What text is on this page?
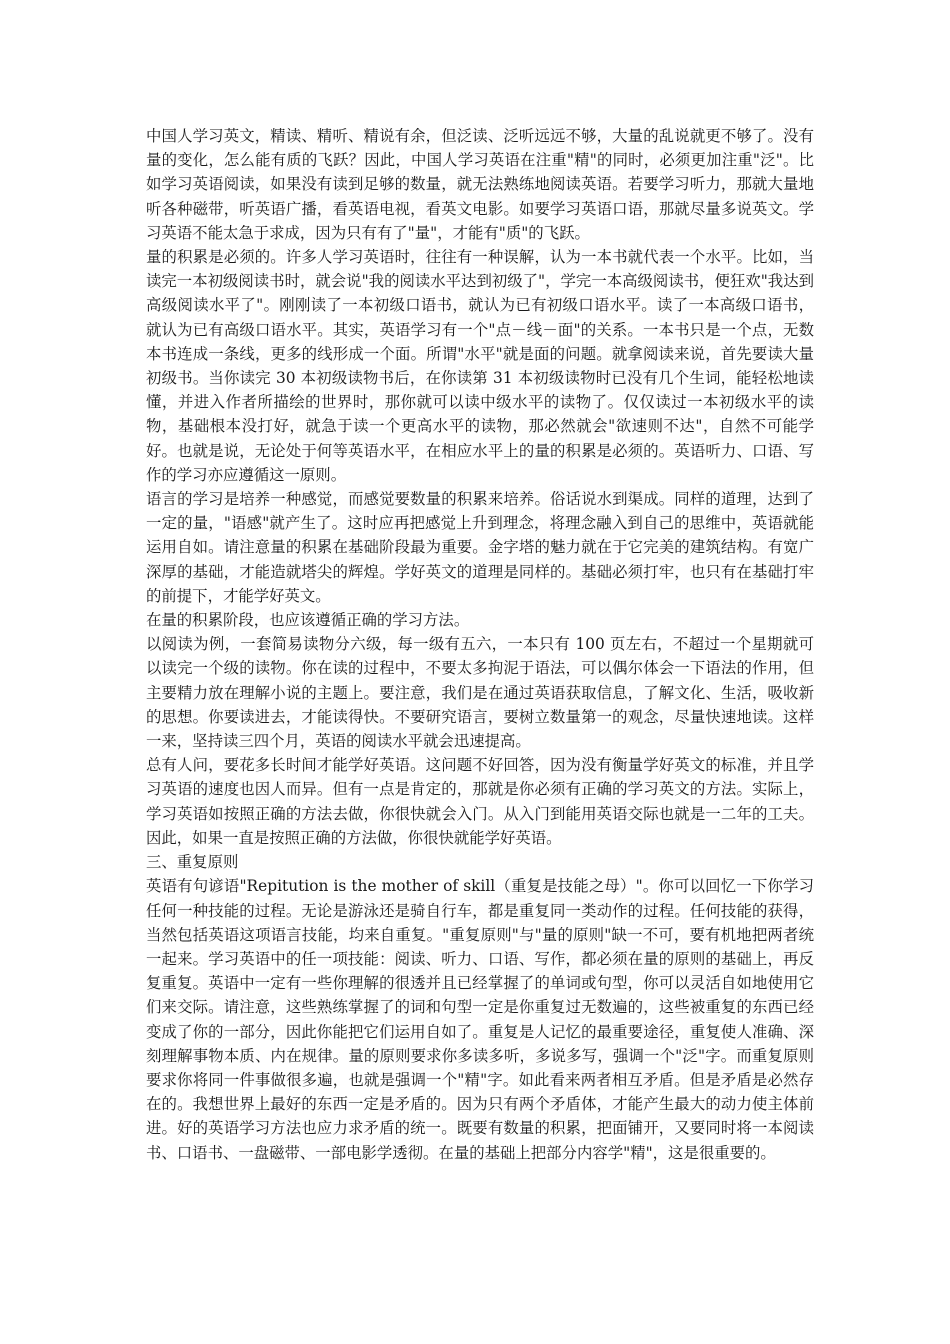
中国人学习英文，精读、精听、精说有余，但泛读、泛听远远不够，大量的乱说就更不够了。没有量的变化，怎么能有质的飞跃？因此，中国人学习英语在注重"精"的同时，必须更加注重"泛"。比如学习英语阅读，如果没有读到足够的数量，就无法熟练地阅读英语。若要学习听力，那就大量地听各种磁带，听英语广播，看英语电视，看英文电影。如要学习英语口语，那就尽量多说英文。学习英语不能太急于求成，因为只有有了"量"，才能有"质"的飞跃。

量的积累是必须的。许多人学习英语时，往往有一种误解，认为一本书就代表一个水平。比如，当读完一本初级阅读书时，就会说"我的阅读水平达到初级了"，学完一本高级阅读书，便狂欢"我达到高级阅读水平了"。刚刚读了一本初级口语书，就认为已有初级口语水平。读了一本高级口语书，就认为已有高级口语水平。其实，英语学习有一个"点－线－面"的关系。一本书只是一个点，无数本书连成一条线，更多的线形成一个面。所谓"水平"就是面的问题。就拿阅读来说，首先要读大量初级书。当你读完 30 本初级读物书后，在你读第 31 本初级读物时已没有几个生词，能轻松地读懂，并进入作者所描绘的世界时，那你就可以读中级水平的读物了。仅仅读过一本初级水平的读物，基础根本没打好，就急于读一个更高水平的读物，那必然就会"欲速则不达"，自然不可能学好。也就是说，无论处于何等英语水平，在相应水平上的量的积累是必须的。英语听力、口语、写作的学习亦应遵循这一原则。

语言的学习是培养一种感觉，而感觉要数量的积累来培养。俗话说水到渠成。同样的道理，达到了一定的量，"语感"就产生了。这时应再把感觉上升到理念，将理念融入到自己的思维中，英语就能运用自如。请注意量的积累在基础阶段最为重要。金字塔的魅力就在于它完美的建筑结构。有宽广深厚的基础，才能造就塔尖的辉煌。学好英文的道理是同样的。基础必须打牢，也只有在基础打牢的前提下，才能学好英文。

在量的积累阶段，也应该遵循正确的学习方法。

以阅读为例，一套简易读物分六级，每一级有五六，一本只有 100 页左右，不超过一个星期就可以读完一个级的读物。你在读的过程中，不要太多拘泥于语法，可以偶尔体会一下语法的作用，但主要精力放在理解小说的主题上。要注意，我们是在通过英语获取信息，了解文化、生活，吸收新的思想。你要读进去，才能读得快。不要研究语言，要树立数量第一的观念，尽量快速地读。这样一来，坚持读三四个月，英语的阅读水平就会迅速提高。

总有人问，要花多长时间才能学好英语。这问题不好回答，因为没有衡量学好英文的标准，并且学习英语的速度也因人而异。但有一点是肯定的，那就是你必须有正确的学习英文的方法。实际上，学习英语如按照正确的方法去做，你很快就会入门。从入门到能用英语交际也就是一二年的工夫。因此，如果一直是按照正确的方法做，你很快就能学好英语。

三、重复原则

英语有句谚语"Repitution is the mother of skill（重复是技能之母）"。你可以回忆一下你学习任何一种技能的过程。无论是游泳还是骑自行车，都是重复同一类动作的过程。任何技能的获得，当然包括英语这项语言技能，均来自重复。"重复原则"与"量的原则"缺一不可，要有机地把两者统一起来。学习英语中的任一项技能：阅读、听力、口语、写作，都必须在量的原则的基础上，再反复重复。英语中一定有一些你理解的很透并且已经掌握了的单词或句型，你可以灵活自如地使用它们来交际。请注意，这些熟练掌握了的词和句型一定是你重复过无数遍的，这些被重复的东西已经变成了你的一部分，因此你能把它们运用自如了。重复是人记忆的最重要途径，重复使人准确、深刻理解事物本质、内在规律。量的原则要求你多读多听，多说多写，强调一个"泛"字。而重复原则要求你将同一件事做很多遍，也就是强调一个"精"字。如此看来两者相互矛盾。但是矛盾是必然存在的。我想世界上最好的东西一定是矛盾的。因为只有两个矛盾体，才能产生最大的动力使主体前进。好的英语学习方法也应力求矛盾的统一。既要有数量的积累，把面铺开，又要同时将一本阅读书、口语书、一盘磁带、一部电影学透彻。在量的基础上把部分内容学"精"，这是很重要的。
